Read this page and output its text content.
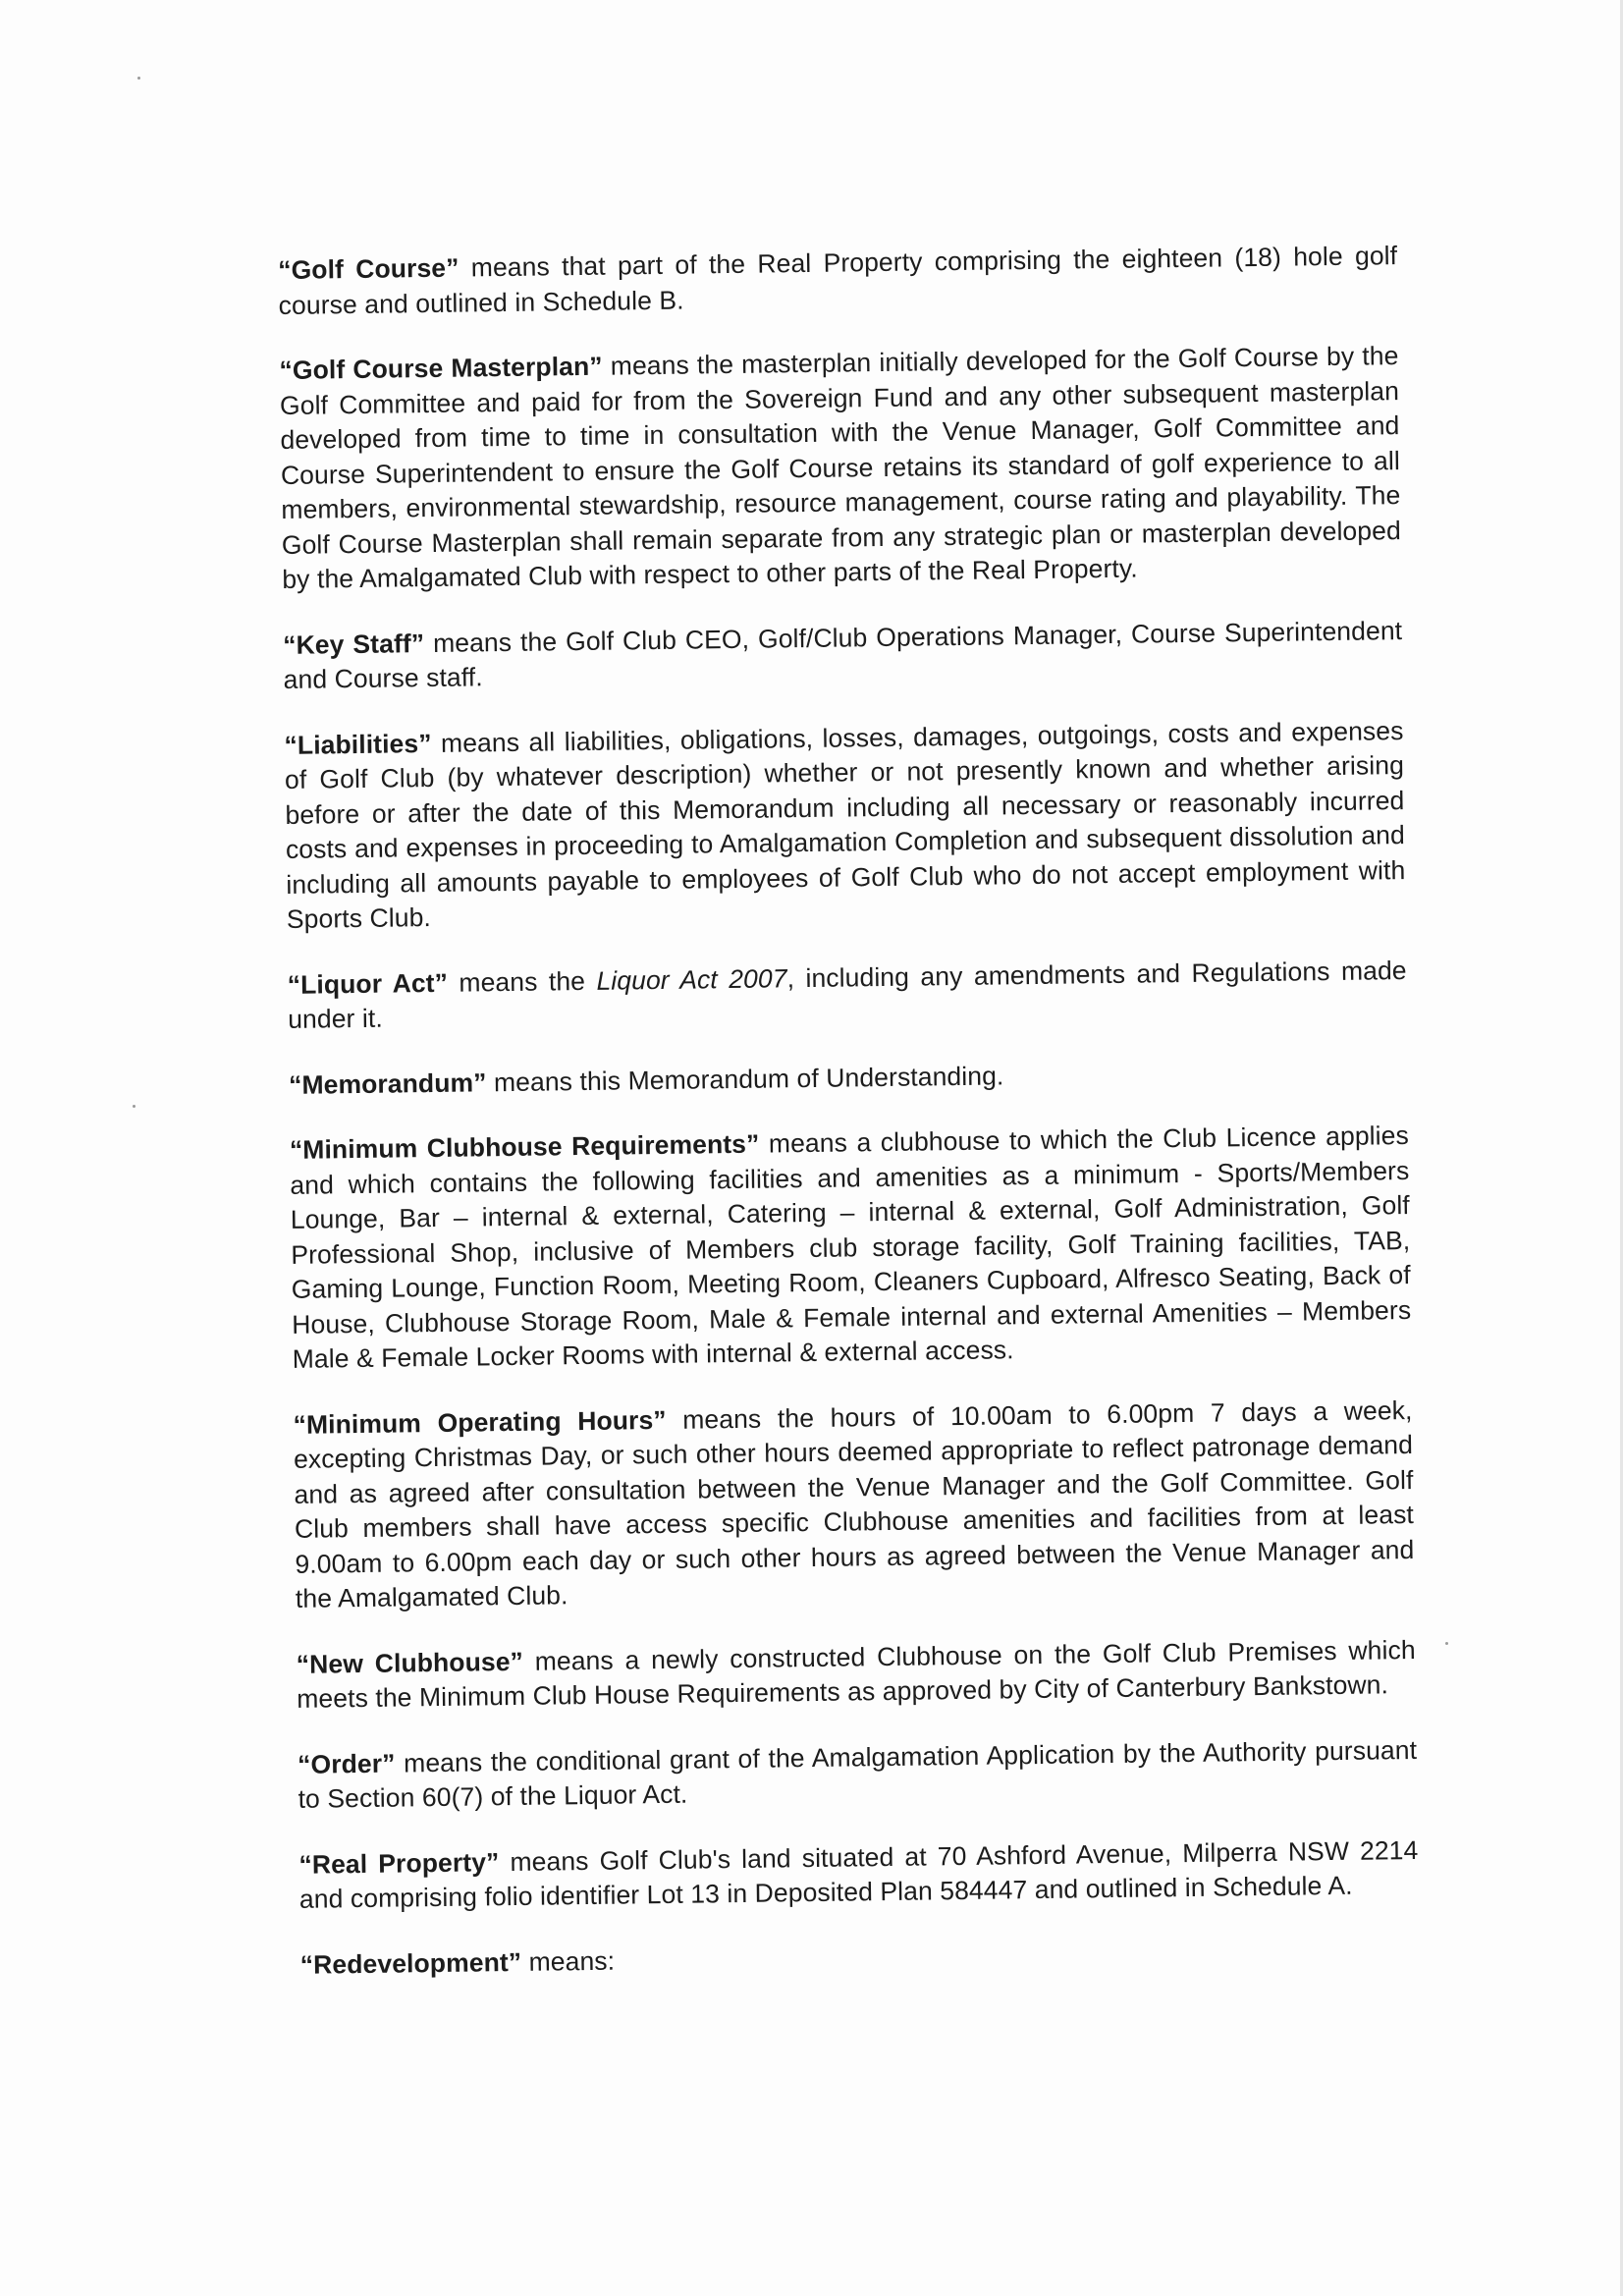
“ Golf Course ” means that part of the Real Property comprising the eighteen (18) hole golf course and outlined in Schedule B.

“ Golf Course Masterplan ” means the masterplan initially developed for the Golf Course by the Golf Committee and paid for from the Sovereign Fund and any other subsequent masterplan developed from time to time in consultation with the Venue Manager, Golf Committee and Course Superintendent to ensure the Golf Course retains its standard of golf experience to all members, environmental stewardship, resource management, course rating and playability. The Golf Course Masterplan shall remain separate from any strategic plan or masterplan developed by the Amalgamated Club with respect to other parts of the Real Property.

“ Key Staff ” means the Golf Club CEO, Golf/Club Operations Manager, Course Superintendent and Course staff.

“ Liabilities ” means all liabilities, obligations, losses, damages, outgoings, costs and expenses of Golf Club (by whatever description) whether or not presently known and whether arising before or after the date of this Memorandum including all necessary or reasonably incurred costs and expenses in proceeding to Amalgamation Completion and subsequent dissolution and including all amounts payable to employees of Golf Club who do not accept employment with Sports Club.

“ Liquor Act ” means the Liquor Act 2007, including any amendments and Regulations made under it.

“ Memorandum ” means this Memorandum of Understanding.

“ Minimum Clubhouse Requirements ” means a clubhouse to which the Club Licence applies and which contains the following facilities and amenities as a minimum - Sports/Members Lounge, Bar – internal & external, Catering – internal & external, Golf Administration, Golf Professional Shop, inclusive of Members club storage facility, Golf Training facilities, TAB, Gaming Lounge, Function Room, Meeting Room, Cleaners Cupboard, Alfresco Seating, Back of House, Clubhouse Storage Room, Male & Female internal and external Amenities – Members Male & Female Locker Rooms with internal & external access.

“ Minimum Operating Hours ” means the hours of 10.00am to 6.00pm 7 days a week, excepting Christmas Day, or such other hours deemed appropriate to reflect patronage demand and as agreed after consultation between the Venue Manager and the Golf Committee. Golf Club members shall have access specific Clubhouse amenities and facilities from at least 9.00am to 6.00pm each day or such other hours as agreed between the Venue Manager and the Amalgamated Club.

“ New Clubhouse ” means a newly constructed Clubhouse on the Golf Club Premises which meets the Minimum Club House Requirements as approved by City of Canterbury Bankstown.

“ Order ” means the conditional grant of the Amalgamation Application by the Authority pursuant to Section 60(7) of the Liquor Act.

“ Real Property ” means Golf Club's land situated at 70 Ashford Avenue, Milperra NSW 2214 and comprising folio identifier Lot 13 in Deposited Plan 584447 and outlined in Schedule A.

“ Redevelopment ” means:
